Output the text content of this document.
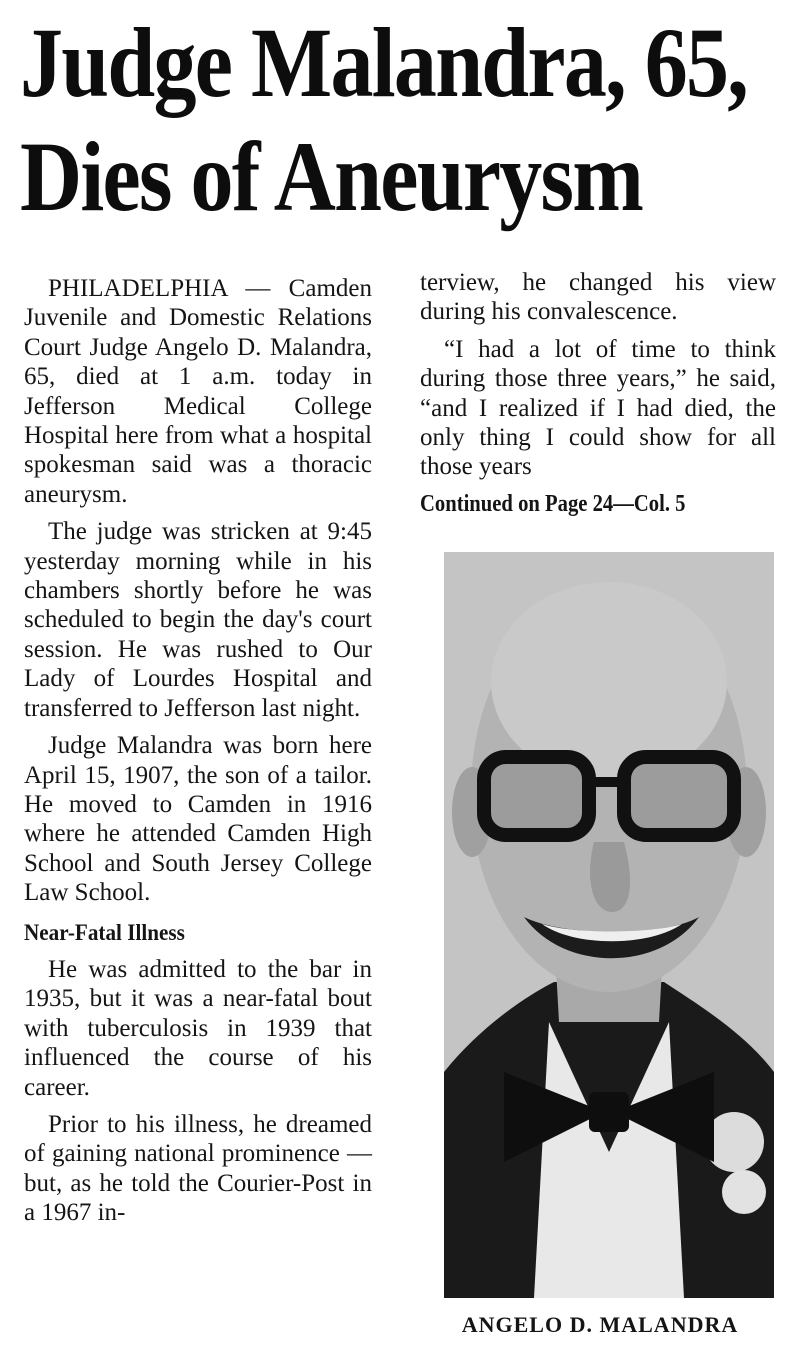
Judge Malandra, 65,
Dies of Aneurysm

PHILADELPHIA — Camden Juvenile and Domestic Relations Court Judge Angelo D. Malandra, 65, died at 1 a.m. today in Jefferson Medical College Hospital here from what a hospital spokesman said was a thoracic aneurysm.

The judge was stricken at 9:45 yesterday morning while in his chambers shortly before he was scheduled to begin the day's court session. He was rushed to Our Lady of Lourdes Hospital and transferred to Jefferson last night.

Judge Malandra was born here April 15, 1907, the son of a tailor. He moved to Camden in 1916 where he attended Camden High School and South Jersey College Law School.

Near-Fatal Illness

He was admitted to the bar in 1935, but it was a near-fatal bout with tuberculosis in 1939 that influenced the course of his career.

Prior to his illness, he dreamed of gaining national prominence — but, as he told the Courier-Post in a 1967 in-

terview, he changed his view during his convalescence.

“I had a lot of time to think during those three years,” he said, “and I realized if I had died, the only thing I could show for all those years

Continued on Page 24—Col. 5
ANGELO D. MALANDRA
